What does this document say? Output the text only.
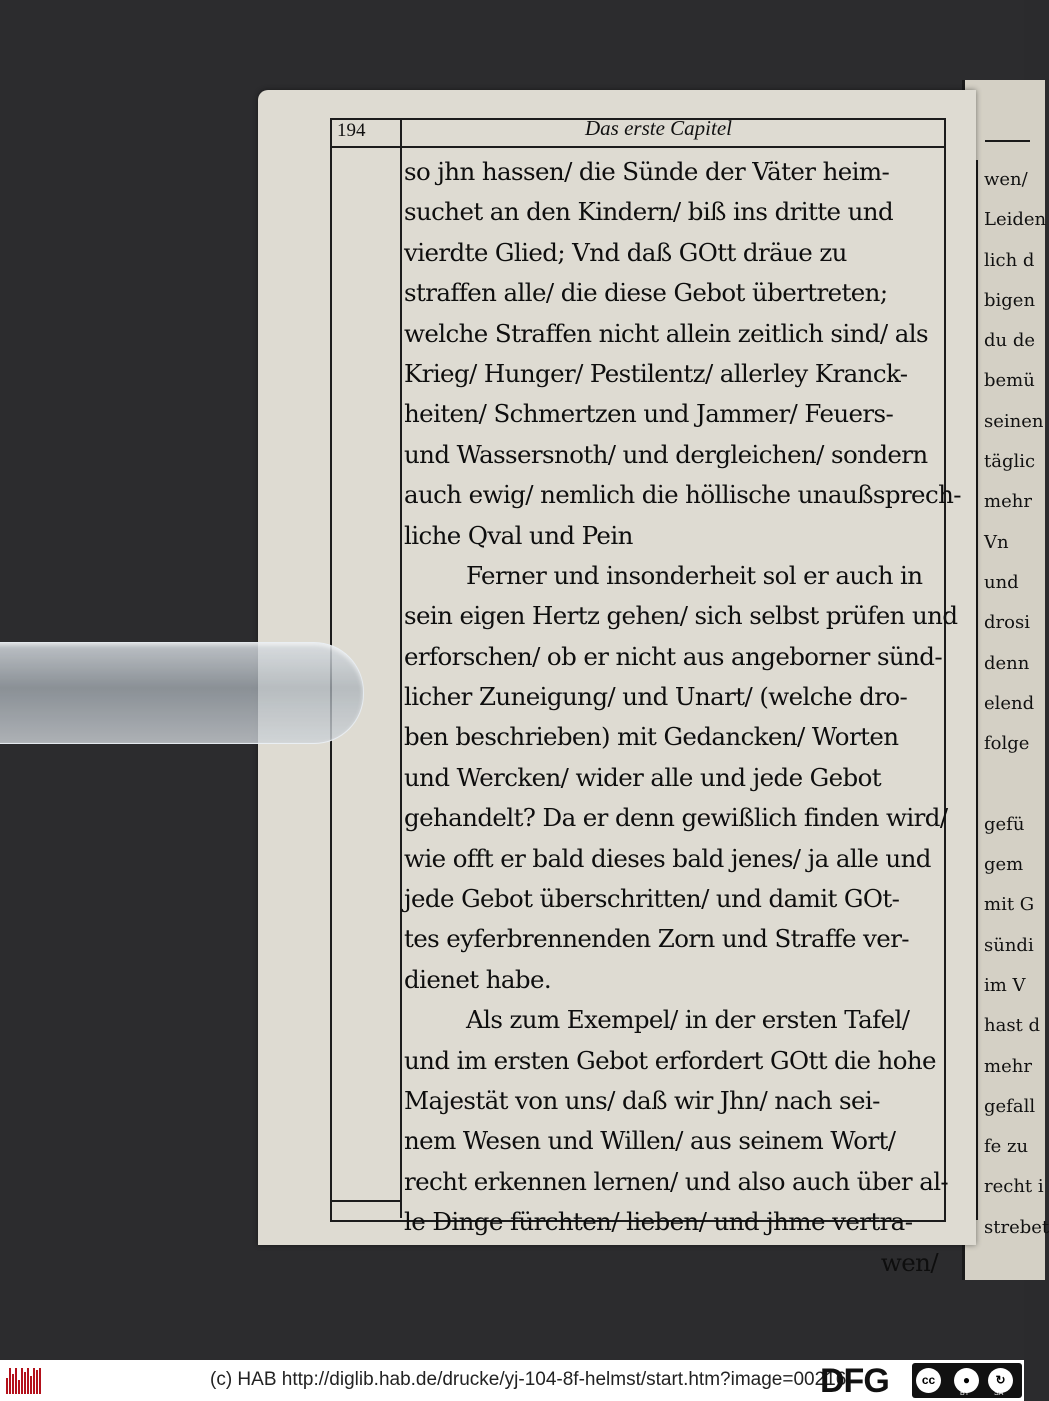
wen/
Leiden
lich d
bigen
du de
bemü
seinen
täglic
mehr
Vn
und
drosi
denn
elend
folge
gefü
gem
mit G
sündi
im V
hast d
mehr
gefall
fe zu
recht i
strebet
194	Das erste Capitel
so jhn hassen/ die Sünde der Väter heim-
suchet an den Kindern/ biß ins dritte und
vierdte Glied; Vnd daß GOtt dräue zu
straffen alle/ die diese Gebot übertreten;
welche Straffen nicht allein zeitlich sind/ als
Krieg/ Hunger/ Pestilentz/ allerley Kranck-
heiten/ Schmertzen und Jammer/ Feuers-
und Wassersnoth/ und dergleichen/ sondern
auch ewig/ nemlich die höllische unaußsprech-
liche Qval und Pein
Ferner und insonderheit sol er auch in
sein eigen Hertz gehen/ sich selbst prüfen und
erforschen/ ob er nicht aus angeborner sünd-
licher Zuneigung/ und Unart/ (welche dro-
ben beschrieben) mit Gedancken/ Worten
und Wercken/ wider alle und jede Gebot
gehandelt? Da er denn gewißlich finden wird/
wie offt er bald dieses bald jenes/ ja alle und
jede Gebot überschritten/ und damit GOt-
tes eyferbrennenden Zorn und Straffe ver-
dienet habe.
Als zum Exempel/ in der ersten Tafel/
und im ersten Gebot erfordert GOtt die hohe
Majestät von uns/ daß wir Jhn/ nach sei-
nem Wesen und Willen/ aus seinem Wort/
recht erkennen lernen/ und also auch über al-
le Dinge fürchten/ lieben/ und jhme vertra-
wen/
(c) HAB http://diglib.hab.de/drucke/yj-104-8f-helmst/start.htm?image=00216
DFG	cc	●	↻
BY	SA
